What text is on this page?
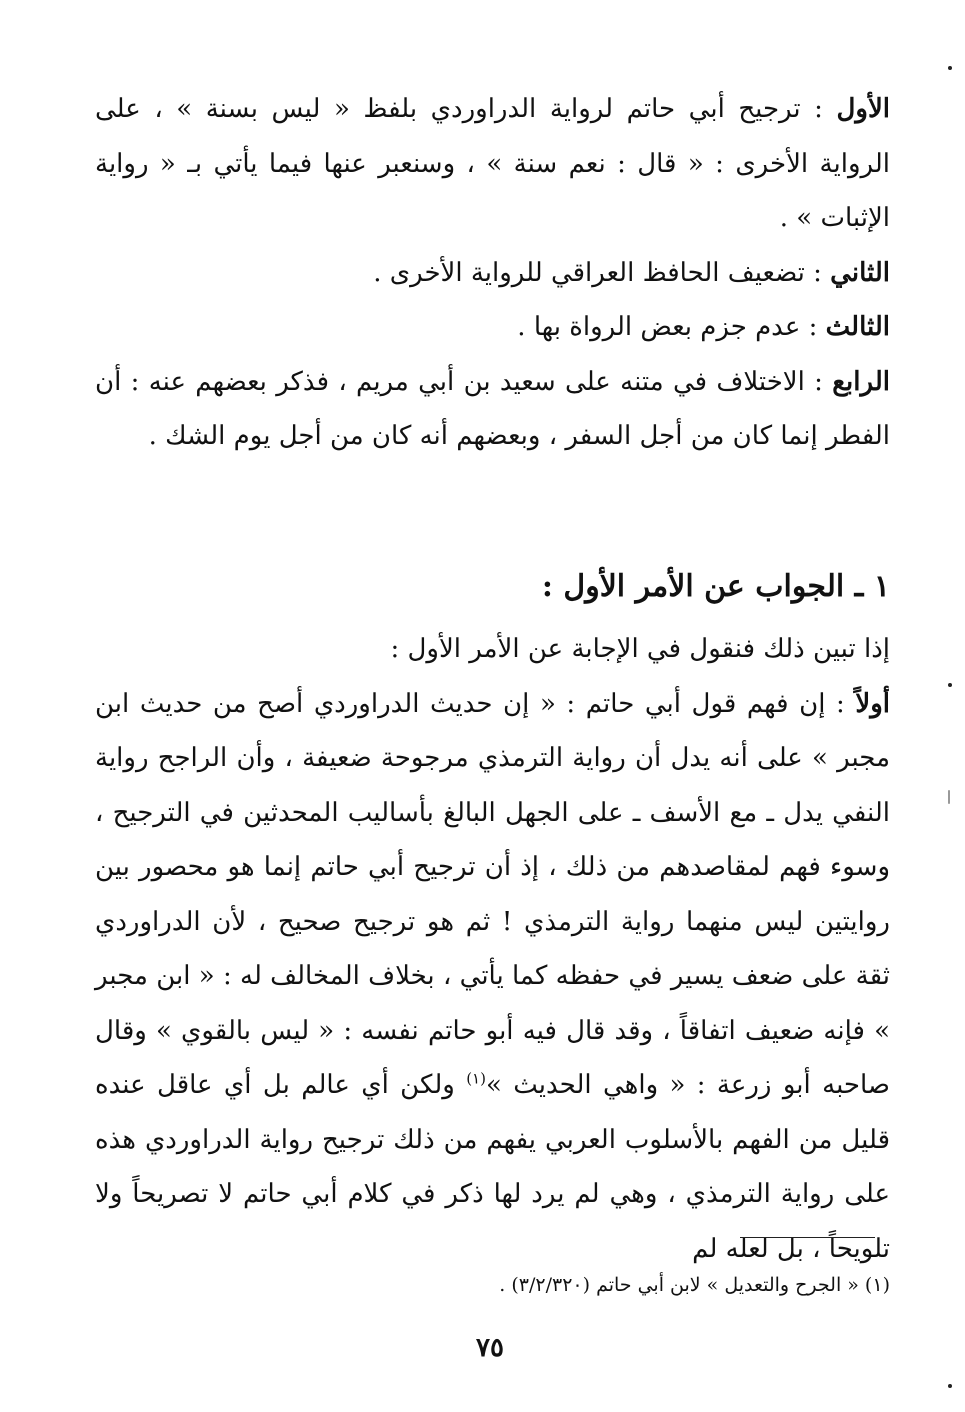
الأول : ترجيح أبي حاتم لرواية الدراوردي بلفظ « ليس بسنة » ، على الرواية الأخرى : « قال : نعم سنة » ، وسنعبر عنها فيما يأتي بـ « رواية الإثبات » .

الثاني : تضعيف الحافظ العراقي للرواية الأخرى .

الثالث : عدم جزم بعض الرواة بها .

الرابع : الاختلاف في متنه على سعيد بن أبي مريم ، فذكر بعضهم عنه : أن الفطر إنما كان من أجل السفر ، وبعضهم أنه كان من أجل يوم الشك .

١ ـ الجواب عن الأمر الأول :

إذا تبين ذلك فنقول في الإجابة عن الأمر الأول :

أولاً : إن فهم قول أبي حاتم : « إن حديث الدراوردي أصح من حديث ابن مجبر » على أنه يدل أن رواية الترمذي مرجوحة ضعيفة ، وأن الراجح رواية النفي يدل ـ مع الأسف ـ على الجهل البالغ بأساليب المحدثين في الترجيح ، وسوء فهم لمقاصدهم من ذلك ، إذ أن ترجيح أبي حاتم إنما هو محصور بين روايتين ليس منهما رواية الترمذي ! ثم هو ترجيح صحيح ، لأن الدراوردي ثقة على ضعف يسير في حفظه كما يأتي ، بخلاف المخالف له : « ابن مجبر » فإنه ضعيف اتفاقاً ، وقد قال فيه أبو حاتم نفسه : « ليس بالقوي » وقال صاحبه أبو زرعة : « واهي الحديث »$^{(١)}$ ولكن أي عالم بل أي عاقل عنده قليل من الفهم بالأسلوب العربي يفهم من ذلك ترجيح رواية الدراوردي هذه على رواية الترمذي ، وهي لم يرد لها ذكر في كلام أبي حاتم لا تصريحاً ولا تلويحاً ، بل لعله لم

(١) « الجرح والتعديل » لابن أبي حاتم (٣/٢/٣٢٠) .
٧٥
